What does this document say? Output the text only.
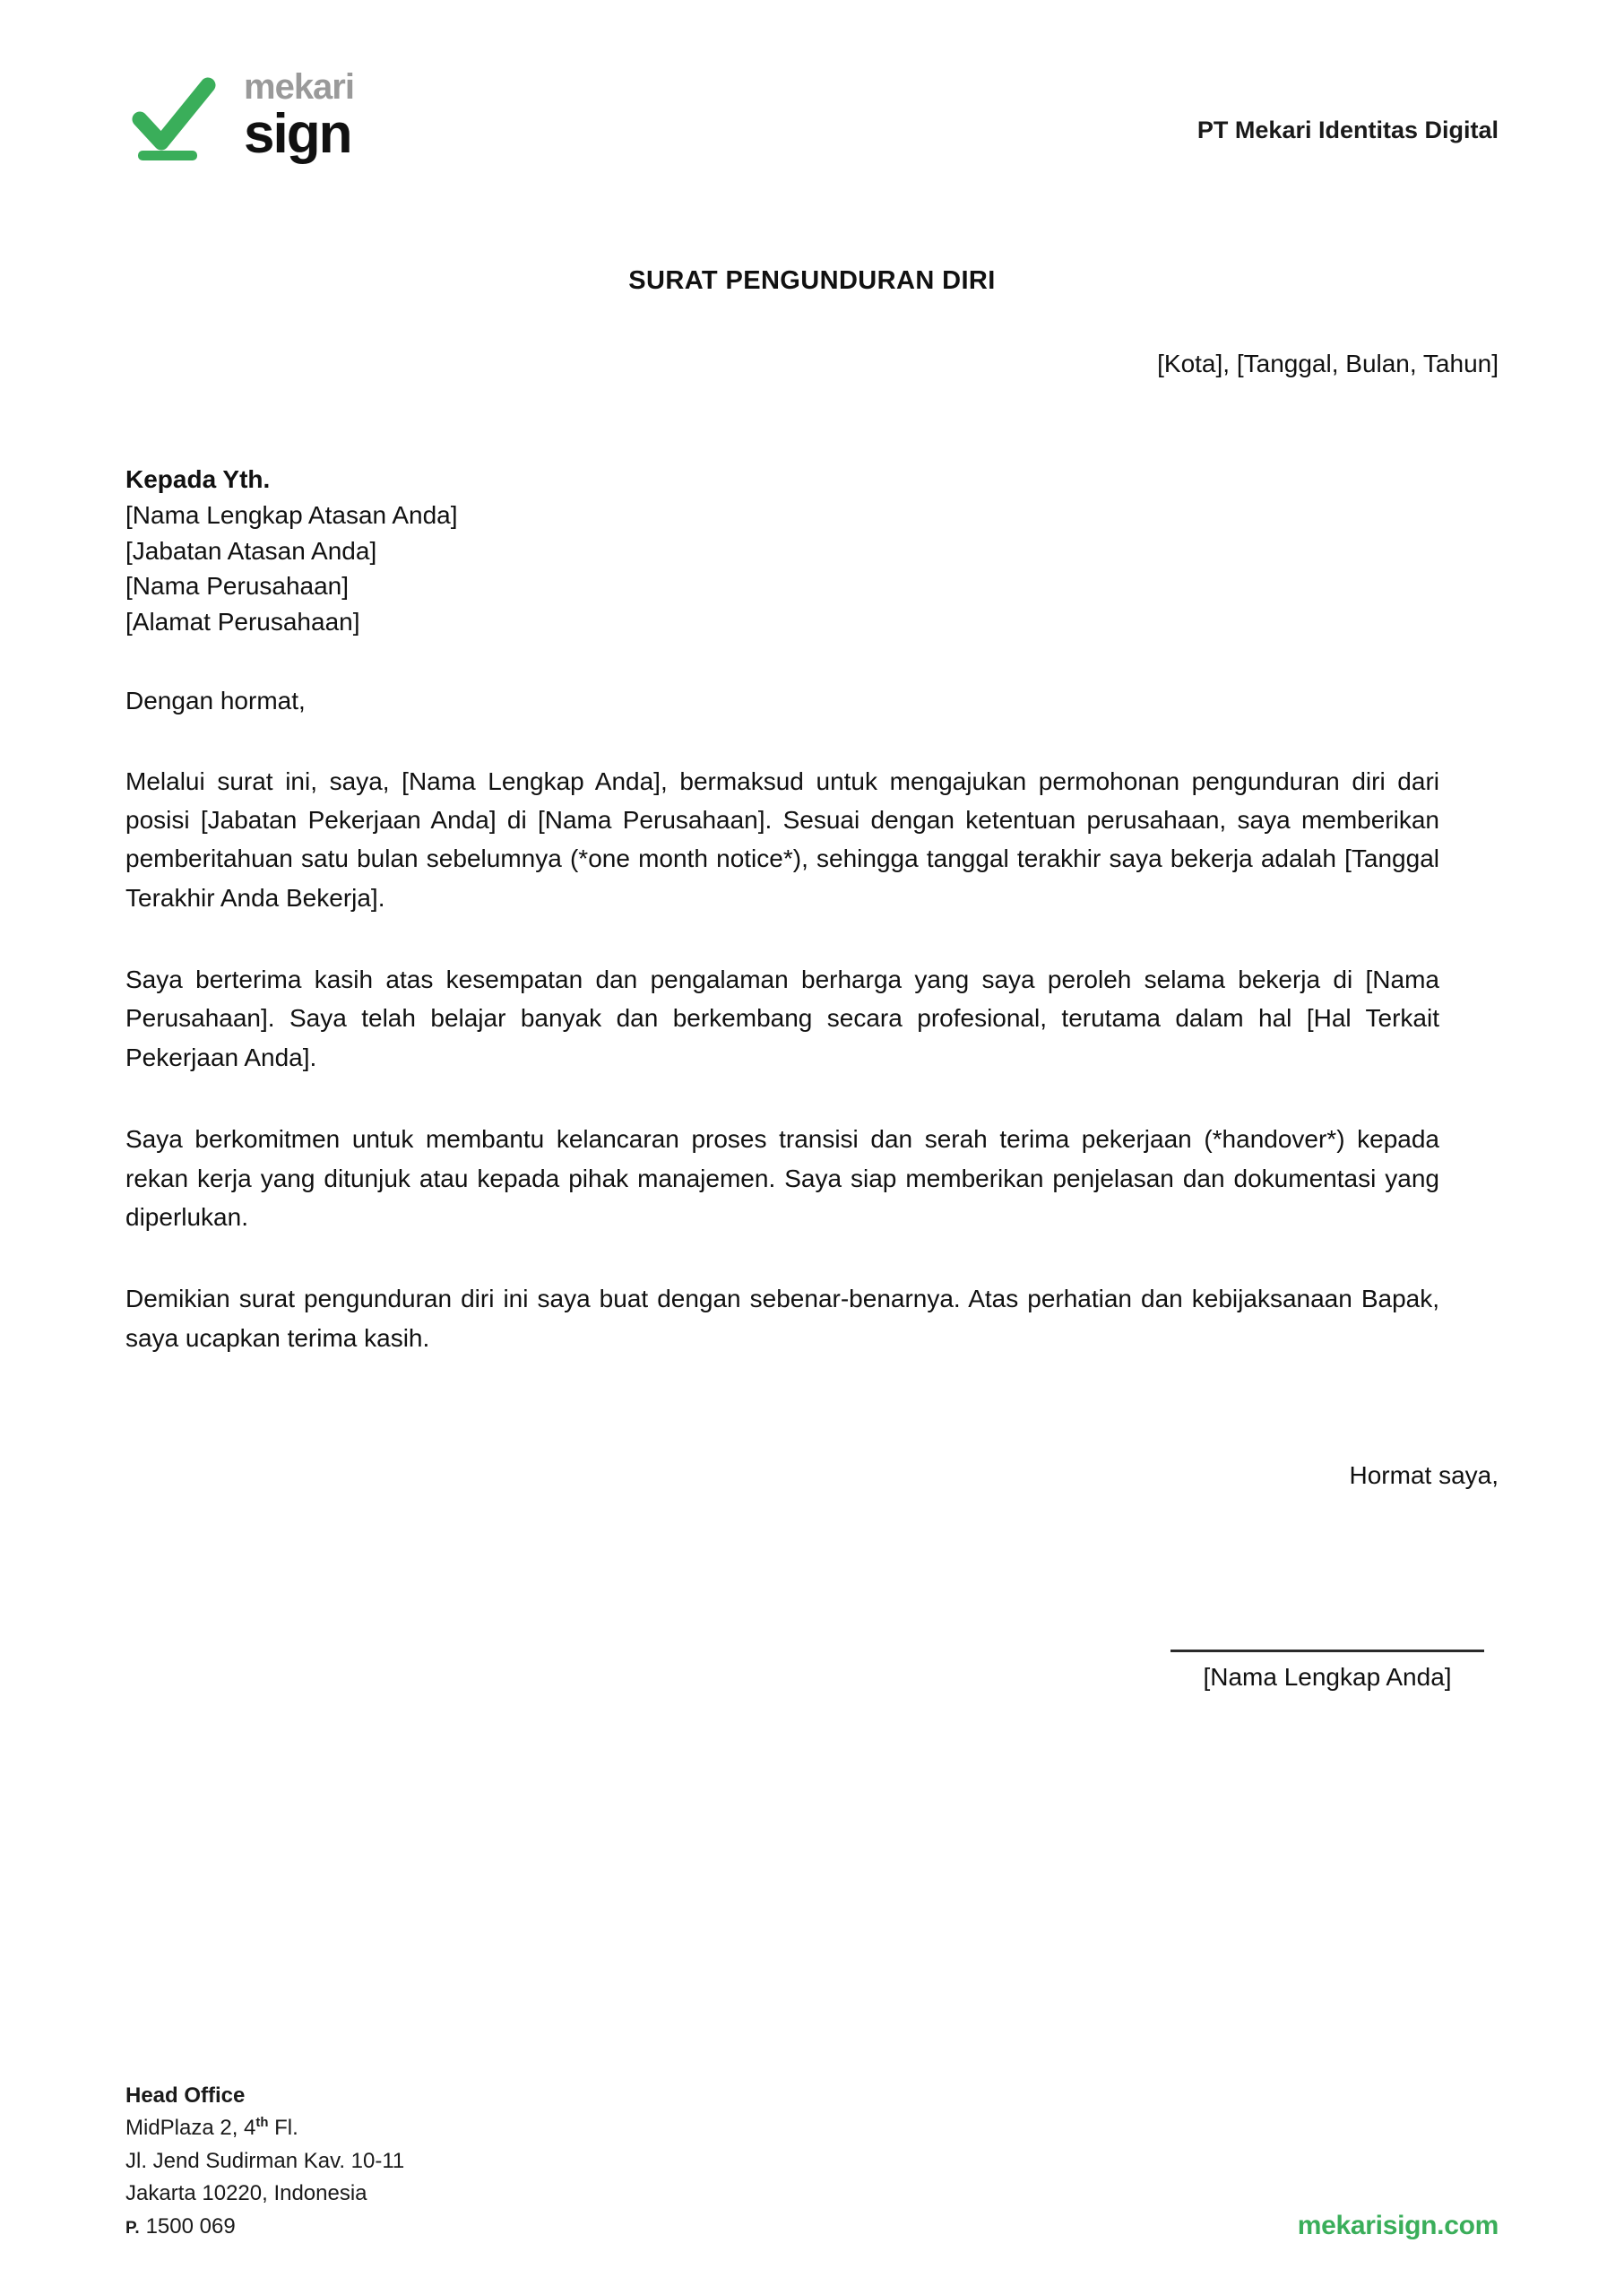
mekari
sign	PT Mekari Identitas Digital
SURAT PENGUNDURAN DIRI
[Kota], [Tanggal, Bulan, Tahun]
Kepada Yth.
[Nama Lengkap Atasan Anda]
[Jabatan Atasan Anda]
[Nama Perusahaan]
[Alamat Perusahaan]
Dengan hormat,

Melalui surat ini, saya, [Nama Lengkap Anda], bermaksud untuk mengajukan permohonan pengunduran diri dari posisi [Jabatan Pekerjaan Anda] di [Nama Perusahaan]. Sesuai dengan ketentuan perusahaan, saya memberikan pemberitahuan satu bulan sebelumnya (*one month notice*), sehingga tanggal terakhir saya bekerja adalah [Tanggal Terakhir Anda Bekerja].

Saya berterima kasih atas kesempatan dan pengalaman berharga yang saya peroleh selama bekerja di [Nama Perusahaan]. Saya telah belajar banyak dan berkembang secara profesional, terutama dalam hal [Hal Terkait Pekerjaan Anda].

Saya berkomitmen untuk membantu kelancaran proses transisi dan serah terima pekerjaan (*handover*) kepada rekan kerja yang ditunjuk atau kepada pihak manajemen. Saya siap memberikan penjelasan dan dokumentasi yang diperlukan.

Demikian surat pengunduran diri ini saya buat dengan sebenar-benarnya. Atas perhatian dan kebijaksanaan Bapak, saya ucapkan terima kasih.

Hormat saya,
[Nama Lengkap Anda]
Head Office
MidPlaza 2, 4th Fl.
Jl. Jend Sudirman Kav. 10-11
Jakarta 10220, Indonesia
P. 1500 069	mekarisign.com
